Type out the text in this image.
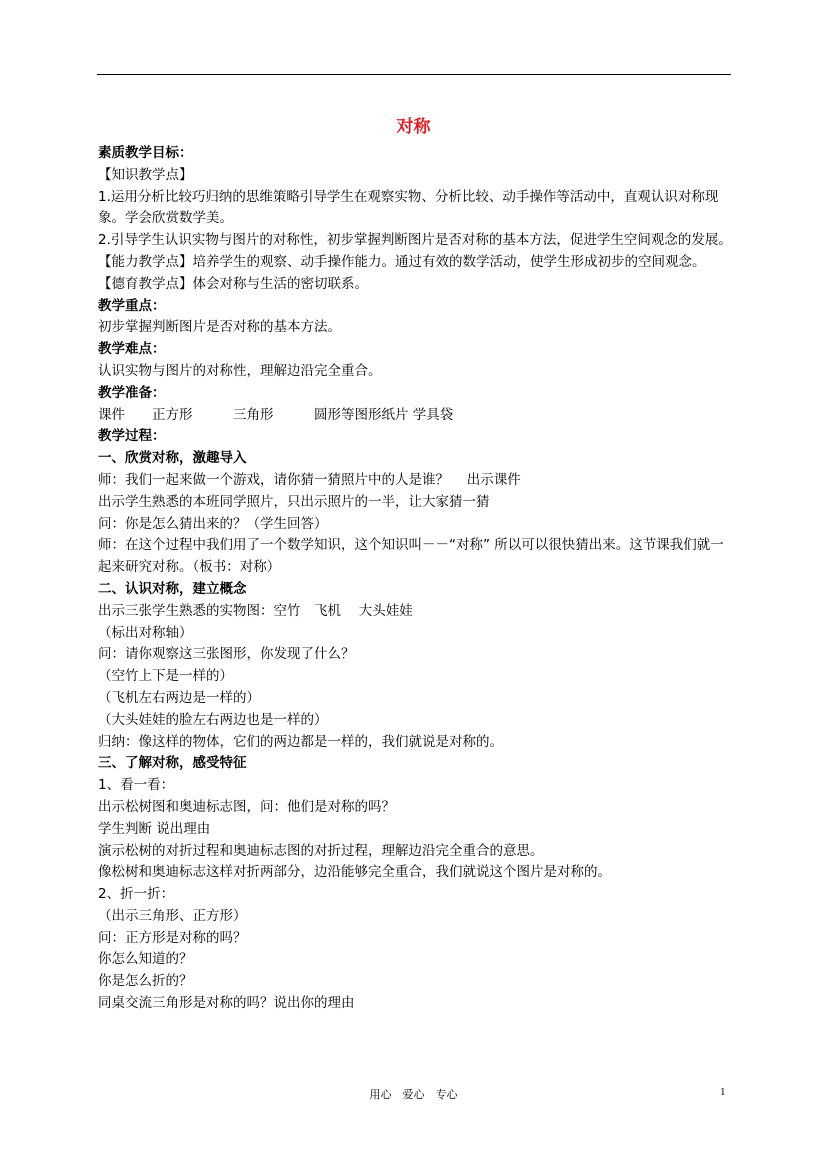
对称
素质教学目标：
【知识教学点】
1.运用分析比较巧归纳的思维策略引导学生在观察实物、分析比较、动手操作等活动中，直观认识对称现象。学会欣赏数学美。
2.引导学生认识实物与图片的对称性，初步掌握判断图片是否对称的基本方法，促进学生空间观念的发展。
【能力教学点】培养学生的观察、动手操作能力。通过有效的数学活动，使学生形成初步的空间观念。
【德育教学点】体会对称与生活的密切联系。
教学重点：
初步掌握判断图片是否对称的基本方法。
教学难点：
认识实物与图片的对称性，理解边沿完全重合。
教学准备：
课件　　正方形　　　三角形　　　圆形等图形纸片 学具袋
教学过程：
一、欣赏对称，激趣导入
师：我们一起来做一个游戏，请你猜一猜照片中的人是谁？　 出示课件
出示学生熟悉的本班同学照片，只出示照片的一半，让大家猜一猜
问：你是怎么猜出来的？（学生回答）
师：在这个过程中我们用了一个数学知识，这个知识叫－－“对称” 所以可以很快猜出来。这节课我们就一起来研究对称。（板书：对称）
二、认识对称，建立概念
出示三张学生熟悉的实物图：空竹　飞机　 大头娃娃
（标出对称轴）
问：请你观察这三张图形，你发现了什么？
（空竹上下是一样的）
（飞机左右两边是一样的）
（大头娃娃的脸左右两边也是一样的）
归纳：像这样的物体，它们的两边都是一样的，我们就说是对称的。
三、了解对称，感受特征
1、看一看：
出示松树图和奥迪标志图，问：他们是对称的吗？
学生判断 说出理由
演示松树的对折过程和奥迪标志图的对折过程，理解边沿完全重合的意思。
像松树和奥迪标志这样对折两部分，边沿能够完全重合，我们就说这个图片是对称的。
2、折一折：
（出示三角形、正方形）
问：正方形是对称的吗？
你怎么知道的？
你是怎么折的？
同桌交流三角形是对称的吗？说出你的理由
用心　爱心　专心	1
